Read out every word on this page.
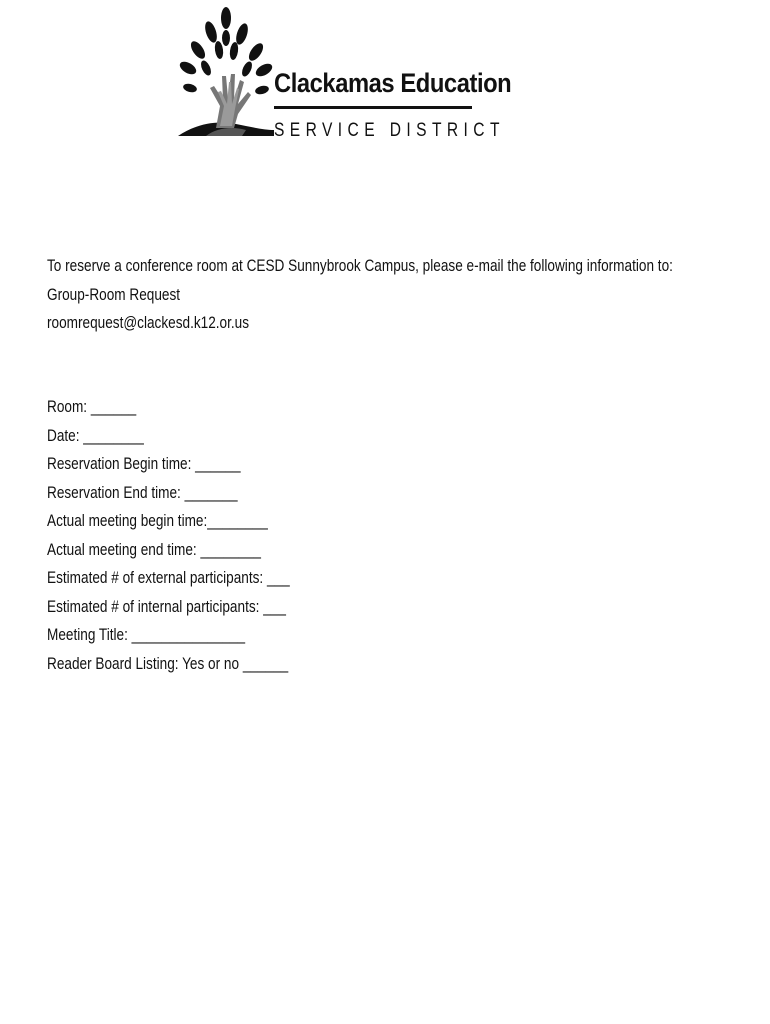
Clackamas Education
SERVICE DISTRICT

To reserve a conference room at CESD Sunnybrook Campus, please e-mail the following information to:

Group-Room Request

roomrequest@clackesd.k12.or.us

Room: ______

Date: ________

Reservation Begin time: ______

Reservation End time: _______

Actual meeting begin time:________

Actual meeting end time: ________

Estimated # of external participants: ___

Estimated # of internal participants: ___

Meeting Title: _______________

Reader Board Listing: Yes or no ______
